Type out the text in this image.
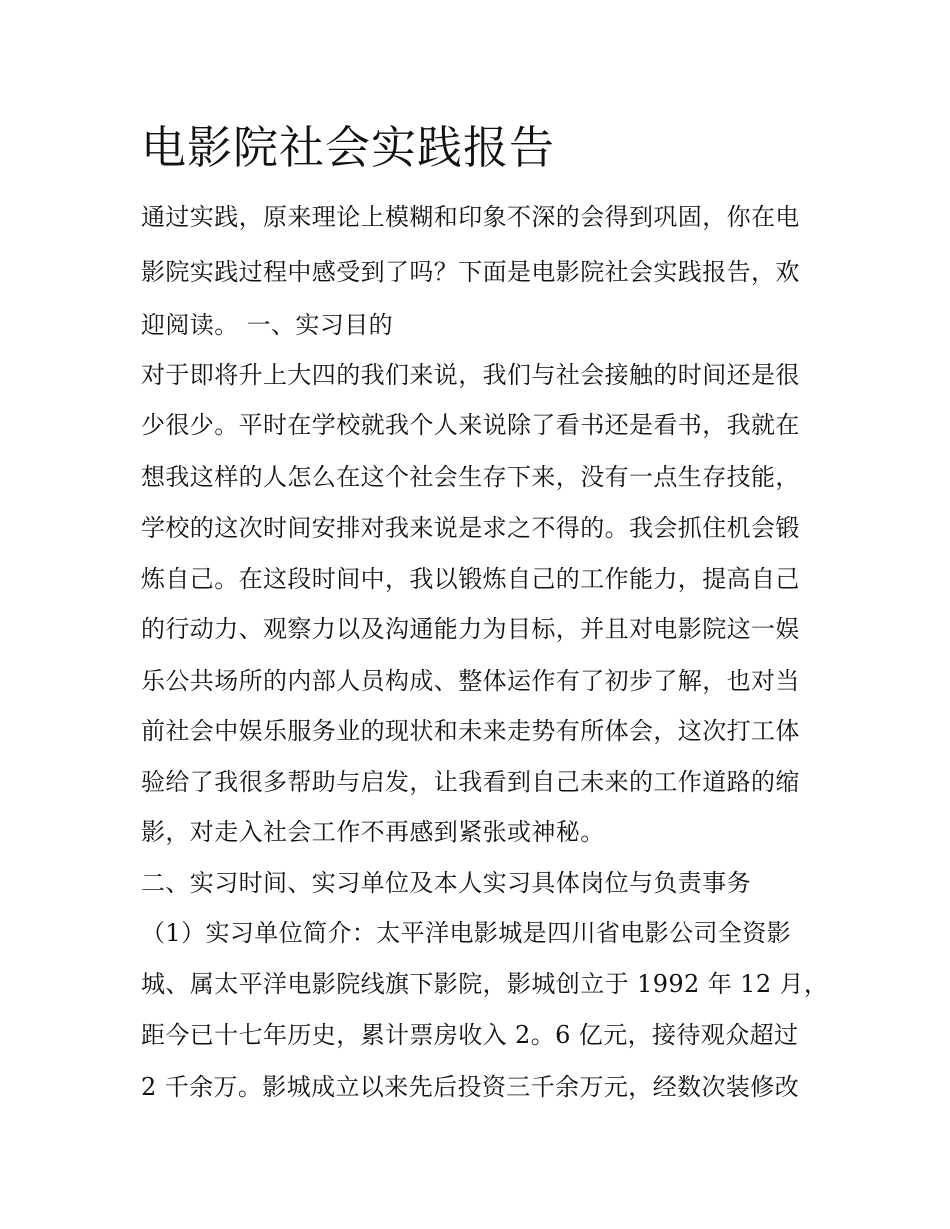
电影院社会实践报告
通过实践，原来理论上模糊和印象不深的会得到巩固，你在电
影院实践过程中感受到了吗？下面是电影院社会实践报告，欢
迎阅读。 一、实习目的
对于即将升上大四的我们来说，我们与社会接触的时间还是很
少很少。平时在学校就我个人来说除了看书还是看书，我就在
想我这样的人怎么在这个社会生存下来，没有一点生存技能，
学校的这次时间安排对我来说是求之不得的。我会抓住机会锻
炼自己。在这段时间中，我以锻炼自己的工作能力，提高自己
的行动力、观察力以及沟通能力为目标，并且对电影院这一娱
乐公共场所的内部人员构成、整体运作有了初步了解，也对当
前社会中娱乐服务业的现状和未来走势有所体会，这次打工体
验给了我很多帮助与启发，让我看到自己未来的工作道路的缩
影，对走入社会工作不再感到紧张或神秘。
二、实习时间、实习单位及本人实习具体岗位与负责事务
（1）实习单位简介：太平洋电影城是四川省电影公司全资影
城、属太平洋电影院线旗下影院，影城创立于 1992 年 12 月，
距今已十七年历史，累计票房收入 2。6 亿元，接待观众超过
2 千余万。影城成立以来先后投资三千余万元，经数次装修改
